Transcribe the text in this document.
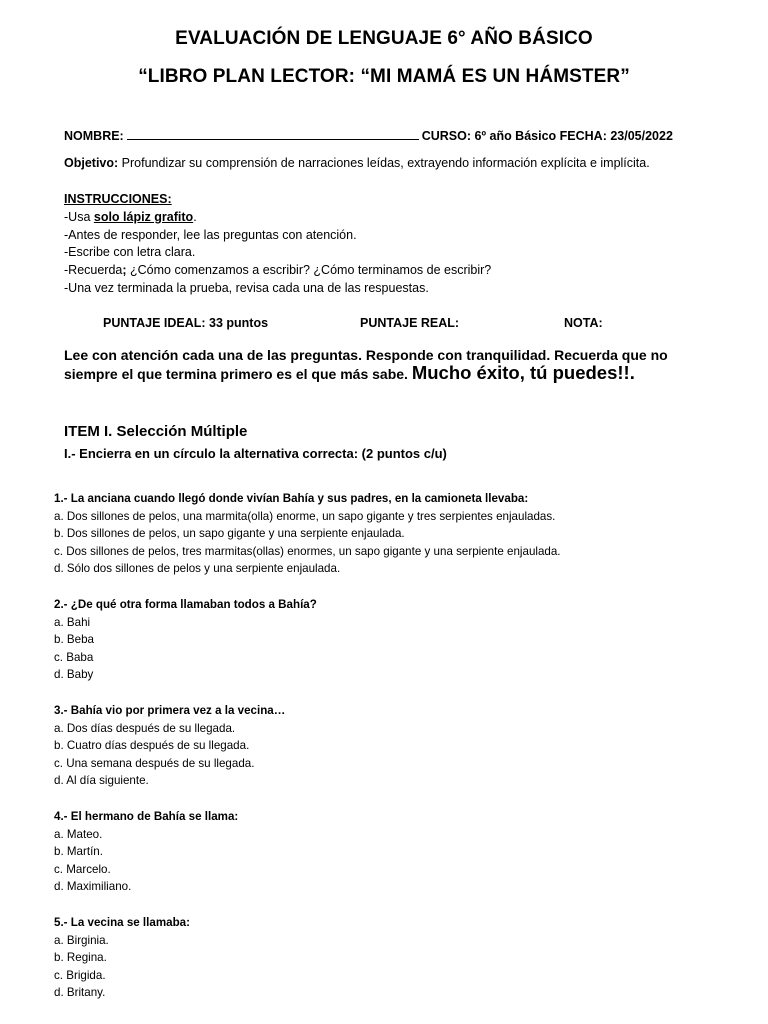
EVALUACIÓN DE LENGUAJE 6° AÑO BÁSICO
“LIBRO PLAN LECTOR: “MI MAMÁ ES UN HÁMSTER”
NOMBRE:	CURSO: 6º año Básico FECHA: 23/05/2022
Objetivo: Profundizar su comprensión de narraciones leídas, extrayendo información explícita e implícita.
INSTRUCCIONES:
-Usa solo lápiz grafito.
-Antes de responder, lee las preguntas con atención.
-Escribe con letra clara.
-Recuerda; ¿Cómo comenzamos a escribir? ¿Cómo terminamos de escribir?
-Una vez terminada la prueba, revisa cada una de las respuestas.
PUNTAJE IDEAL: 33 puntos	PUNTAJE REAL:	NOTA:
Lee con atención cada una de las preguntas. Responde con tranquilidad. Recuerda que no siempre el que termina primero es el que más sabe. Mucho éxito, tú puedes!!.
ITEM I. Selección Múltiple
I.- Encierra en un círculo la alternativa correcta: (2 puntos c/u)
1.- La anciana cuando llegó donde vivían Bahía y sus padres, en la camioneta llevaba:
a. Dos sillones de pelos, una marmita(olla) enorme, un sapo gigante y tres serpientes enjauladas.
b. Dos sillones de pelos, un sapo gigante y una serpiente enjaulada.
c. Dos sillones de pelos, tres marmitas(ollas) enormes, un sapo gigante y una serpiente enjaulada.
d. Sólo dos sillones de pelos y una serpiente enjaulada.
2.- ¿De qué otra forma llamaban todos a Bahía?
a. Bahi
b. Beba
c. Baba
d. Baby
3.- Bahía vio por primera vez a la vecina…
a. Dos días después de su llegada.
b. Cuatro días después de su llegada.
c. Una semana después de su llegada.
d. Al día siguiente.
4.- El hermano de Bahía se llama:
a. Mateo.
b. Martín.
c. Marcelo.
d. Maximiliano.
5.- La vecina se llamaba:
a. Birginia.
b. Regina.
c. Brigida.
d. Britany.
